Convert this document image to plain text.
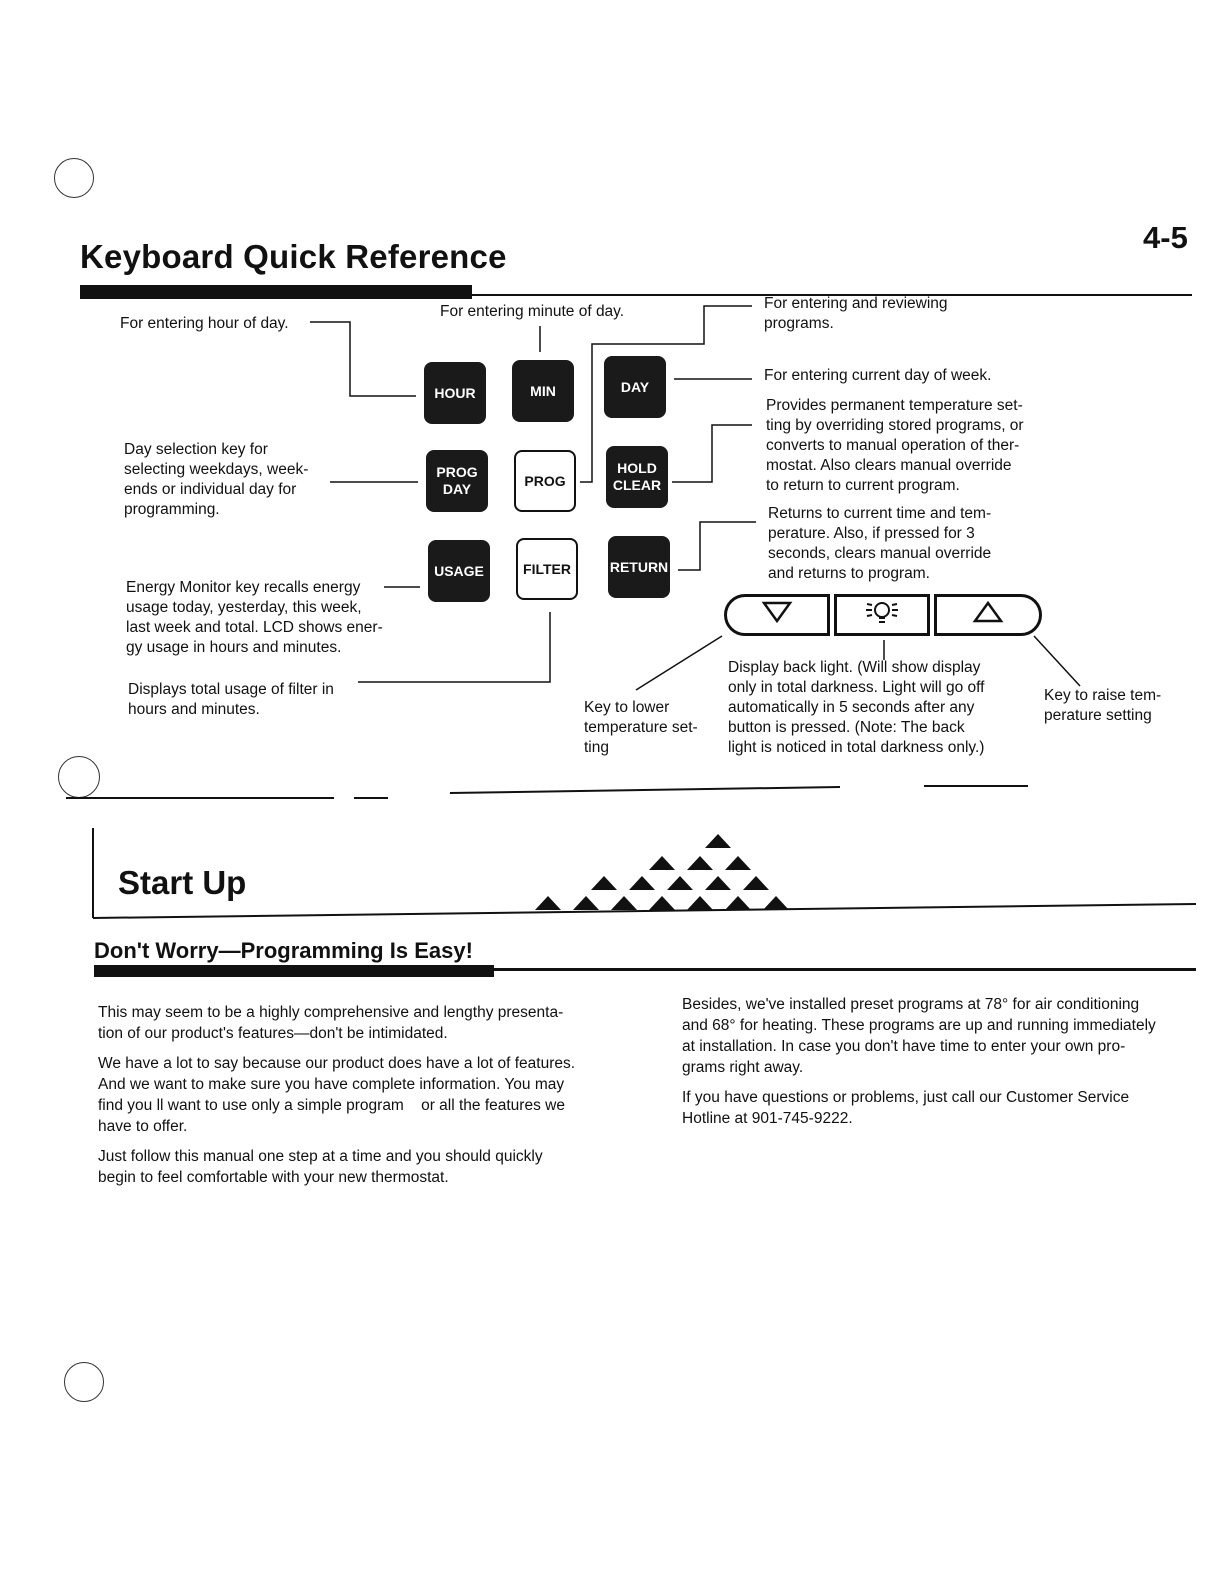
4-5
Keyboard Quick Reference
For entering hour of day.
For entering minute of day.	For entering and reviewing
programs.
For entering current day of week.
Provides permanent temperature set-
ting by overriding stored programs, or
converts to manual operation of ther-
mostat. Also clears manual override
to return to current program.
Day selection key for
selecting weekdays, week-
ends or individual day for
programming.	Returns to current time and tem-
perature. Also, if pressed for 3
seconds, clears manual override
and returns to program.
Energy Monitor key recalls energy
usage today, yesterday, this week,
last week and total. LCD shows ener-
gy usage in hours and minutes.
Displays total usage of filter in
hours and minutes.	Key to lower
temperature set-
ting
Display back light. (Will show display
only in total darkness. Light will go off
automatically in 5 seconds after any
button is pressed. (Note: The back
light is noticed in total darkness only.)
Key to raise tem-
perature setting
HOUR	MIN	DAY
PROG
DAY
PROG
HOLD
CLEAR
USAGE	FILTER	RETURN
Start Up
Don't Worry—Programming Is Easy!
This may seem to be a highly comprehensive and lengthy presenta-
tion of our product's features—don't be intimidated.
We have a lot to say because our product does have a lot of features.
And we want to make sure you have complete information. You may
find you ll want to use only a simple program    or all the features we
have to offer.
Just follow this manual one step at a time and you should quickly
begin to feel comfortable with your new thermostat.
Besides, we've installed preset programs at 78° for air conditioning
and 68° for heating. These programs are up and running immediately
at installation. In case you don't have time to enter your own pro-
grams right away.
If you have questions or problems, just call our Customer Service
Hotline at 901-745-9222.
